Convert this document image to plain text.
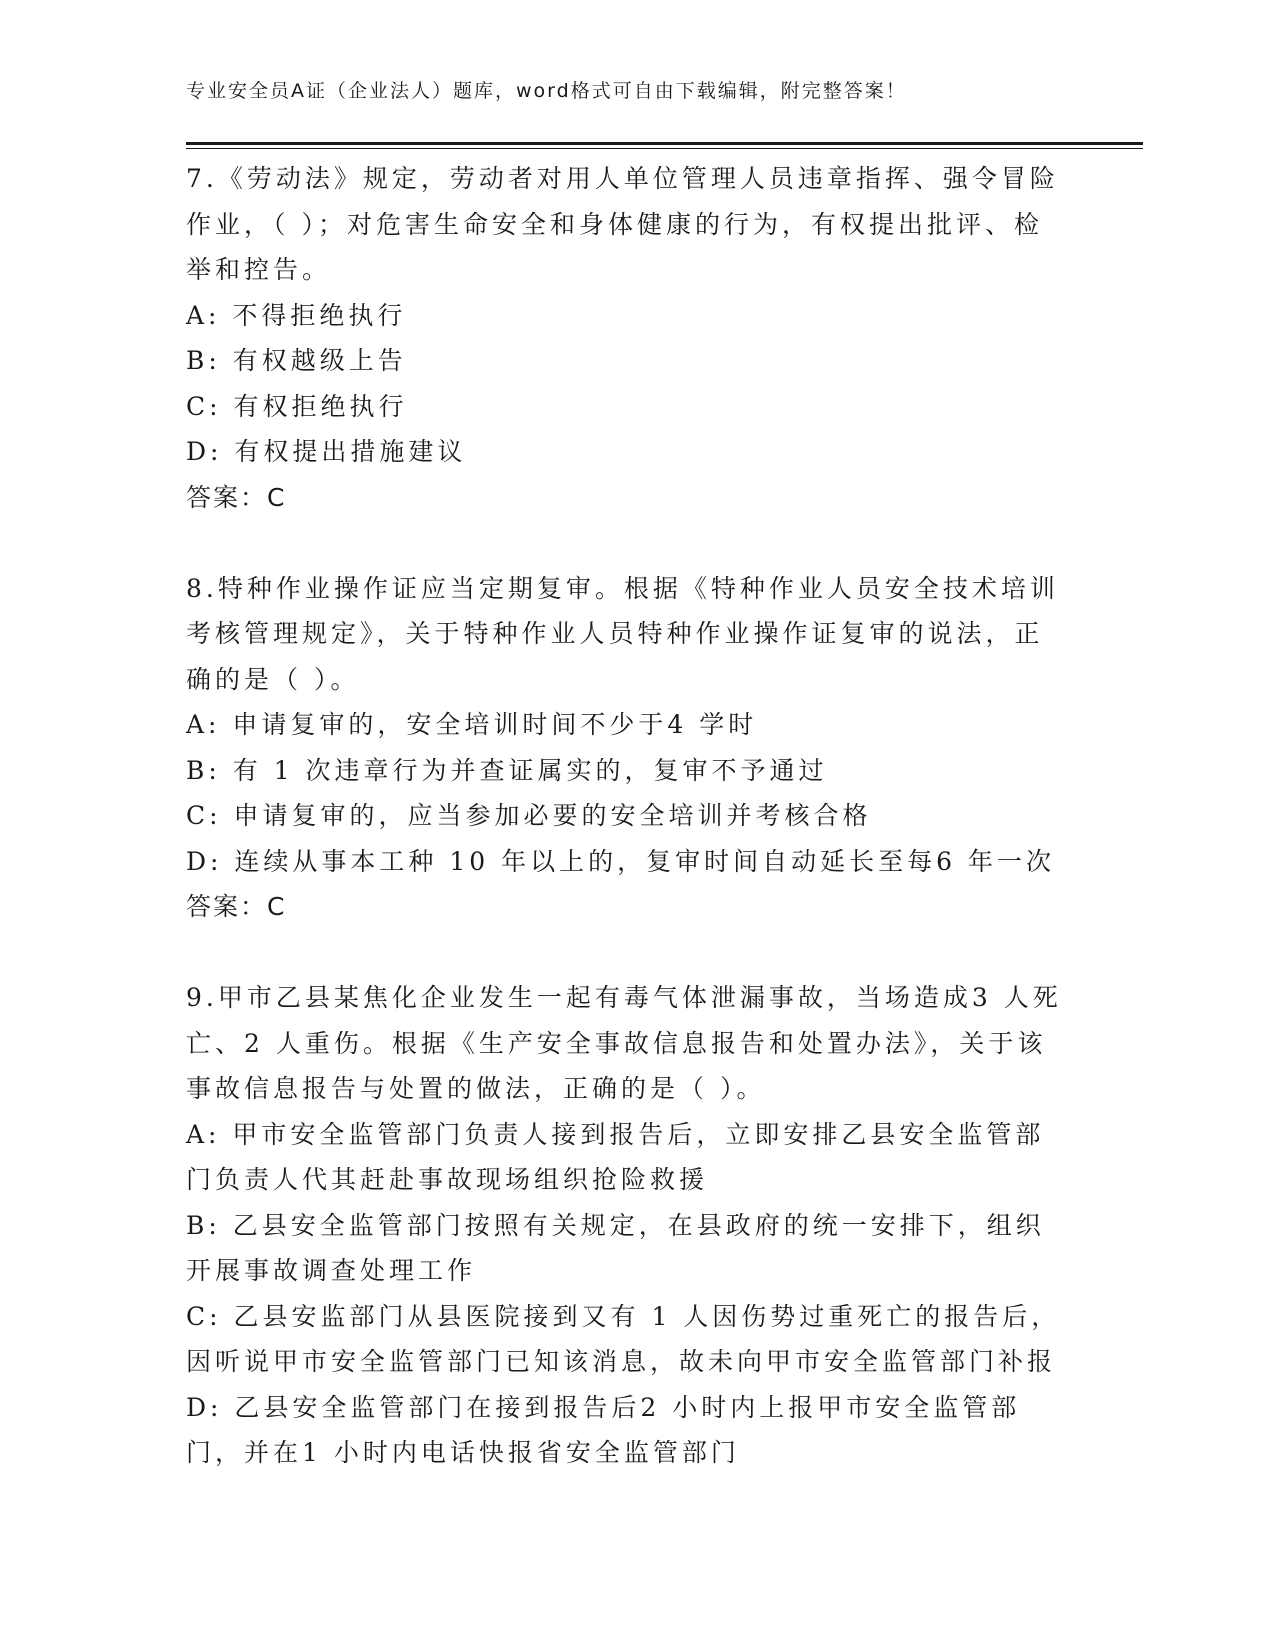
专业安全员A证（企业法人）题库，word格式可自由下载编辑，附完整答案！

7.《劳动法》规定，劳动者对用人单位管理人员违章指挥、强令冒险作业，（ ）；对危害生命安全和身体健康的行为，有权提出批评、检举和控告。

A: 不得拒绝执行

B: 有权越级上告

C: 有权拒绝执行

D: 有权提出措施建议

答案：C

8.特种作业操作证应当定期复审。根据《特种作业人员安全技术培训考核管理规定》，关于特种作业人员特种作业操作证复审的说法，正确的是（ ）。

A: 申请复审的，安全培训时间不少于4 学时

B: 有 1 次违章行为并查证属实的，复审不予通过

C: 申请复审的，应当参加必要的安全培训并考核合格

D: 连续从事本工种 10 年以上的，复审时间自动延长至每6 年一次

答案：C

9.甲市乙县某焦化企业发生一起有毒气体泄漏事故，当场造成3 人死亡、2 人重伤。根据《生产安全事故信息报告和处置办法》，关于该事故信息报告与处置的做法，正确的是（ ）。

A: 甲市安全监管部门负责人接到报告后，立即安排乙县安全监管部门负责人代其赶赴事故现场组织抢险救援

B: 乙县安全监管部门按照有关规定，在县政府的统一安排下，组织开展事故调查处理工作

C: 乙县安监部门从县医院接到又有 1 人因伤势过重死亡的报告后，因听说甲市安全监管部门已知该消息，故未向甲市安全监管部门补报

D: 乙县安全监管部门在接到报告后2 小时内上报甲市安全监管部门，并在1 小时内电话快报省安全监管部门
